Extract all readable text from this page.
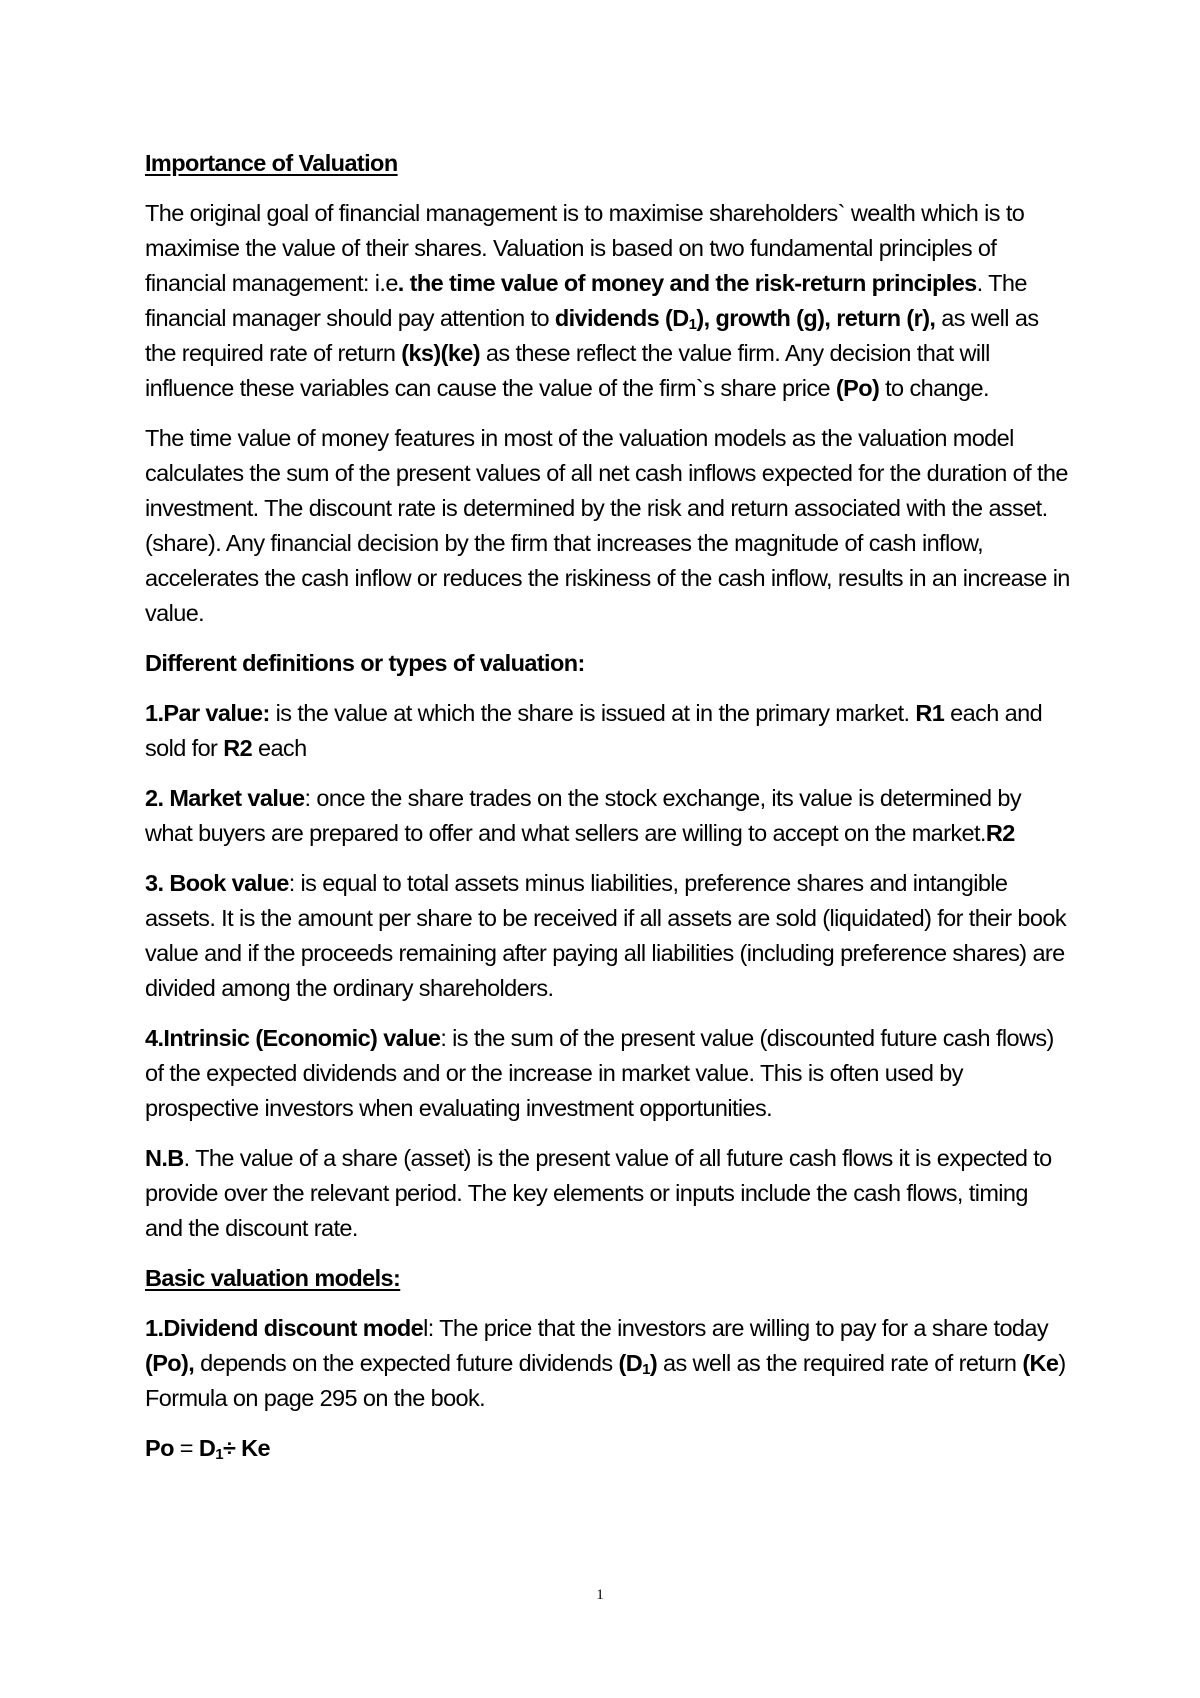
Importance of Valuation

The original goal of financial management is to maximise shareholders` wealth which is to maximise the value of their shares. Valuation is based on two fundamental principles of financial management: i.e. the time value of money and the risk-return principles. The financial manager should pay attention to dividends $(D_1)$, growth (g), return (r), as well as the required rate of return (ks)(ke) as these reflect the value firm. Any decision that will influence these variables can cause the value of the firm`s share price (Po) to change.

The time value of money features in most of the valuation models as the valuation model calculates the sum of the present values of all net cash inflows expected for the duration of the investment. The discount rate is determined by the risk and return associated with the asset. (share). Any financial decision by the firm that increases the magnitude of cash inflow, accelerates the cash inflow or reduces the riskiness of the cash inflow, results in an increase in value.

Different definitions or types of valuation:

1.Par value: is the value at which the share is issued at in the primary market. R1 each and sold for R2 each

2. Market value: once the share trades on the stock exchange, its value is determined by what buyers are prepared to offer and what sellers are willing to accept on the market.R2

3. Book value: is equal to total assets minus liabilities, preference shares and intangible assets. It is the amount per share to be received if all assets are sold (liquidated) for their book value and if the proceeds remaining after paying all liabilities (including preference shares) are divided among the ordinary shareholders.

4.Intrinsic (Economic) value: is the sum of the present value (discounted future cash flows) of the expected dividends and or the increase in market value. This is often used by prospective investors when evaluating investment opportunities.

N.B. The value of a share (asset) is the present value of all future cash flows it is expected to provide over the relevant period. The key elements or inputs include the cash flows, timing and the discount rate.

Basic valuation models:

1.Dividend discount model: The price that the investors are willing to pay for a share today (Po), depends on the expected future dividends $(D_1)$ as well as the required rate of return (Ke) Formula on page 295 on the book.

$Po = D_1\div Ke$

1
